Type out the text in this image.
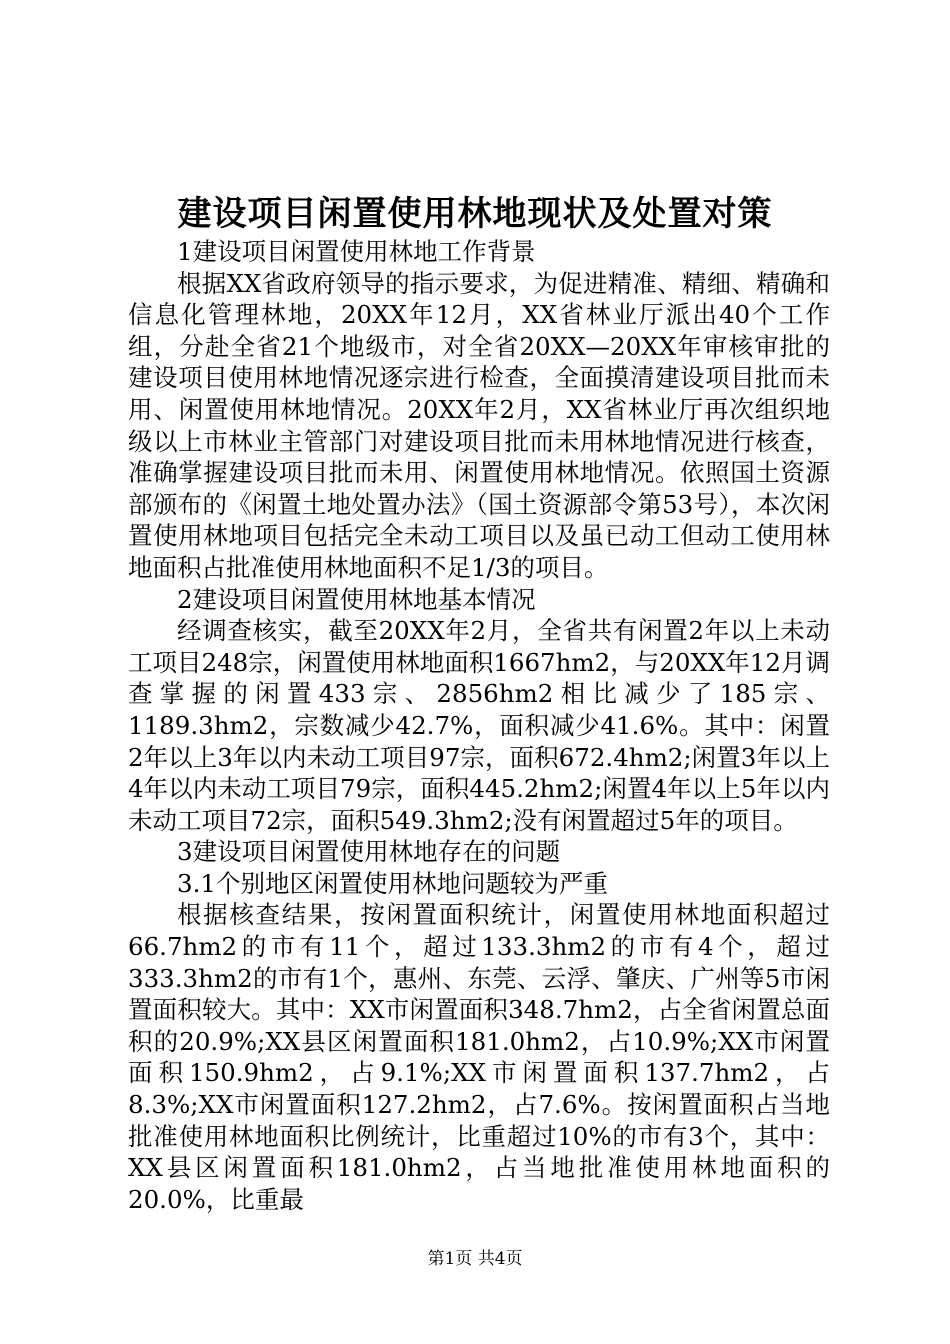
建设项目闲置使用林地现状及处置对策

1建设项目闲置使用林地工作背景

根据XX省政府领导的指示要求，为促进精准、精细、精确和信息化管理林地，20XX年12月，XX省林业厅派出40个工作组，分赴全省21个地级市，对全省20XX—20XX年审核审批的建设项目使用林地情况逐宗进行检查，全面摸清建设项目批而未用、闲置使用林地情况。20XX年2月，XX省林业厅再次组织地级以上市林业主管部门对建设项目批而未用林地情况进行核查，准确掌握建设项目批而未用、闲置使用林地情况。依照国土资源部颁布的《闲置土地处置办法》（国土资源部令第53号），本次闲置使用林地项目包括完全未动工项目以及虽已动工但动工使用林地面积占批准使用林地面积不足1/3的项目。

2建设项目闲置使用林地基本情况

经调查核实，截至20XX年2月，全省共有闲置2年以上未动工项目248宗，闲置使用林地面积1667hm2，与20XX年12月调查掌握的闲置433宗、2856hm2相比减少了185宗、1189.3hm2，宗数减少42.7%，面积减少41.6%。其中：闲置2年以上3年以内未动工项目97宗，面积672.4hm2;闲置3年以上4年以内未动工项目79宗，面积445.2hm2;闲置4年以上5年以内未动工项目72宗，面积549.3hm2;没有闲置超过5年的项目。

3建设项目闲置使用林地存在的问题

3.1个别地区闲置使用林地问题较为严重

根据核查结果，按闲置面积统计，闲置使用林地面积超过66.7hm2的市有11个，超过133.3hm2的市有4个，超过333.3hm2的市有1个，惠州、东莞、云浮、肇庆、广州等5市闲置面积较大。其中：XX市闲置面积348.7hm2，占全省闲置总面积的20.9%;XX县区闲置面积181.0hm2，占10.9%;XX市闲置面积150.9hm2，占9.1%;XX市闲置面积137.7hm2，占8.3%;XX市闲置面积127.2hm2，占7.6%。按闲置面积占当地批准使用林地面积比例统计，比重超过10%的市有3个，其中：XX县区闲置面积181.0hm2，占当地批准使用林地面积的20.0%，比重最

第1页 共4页
